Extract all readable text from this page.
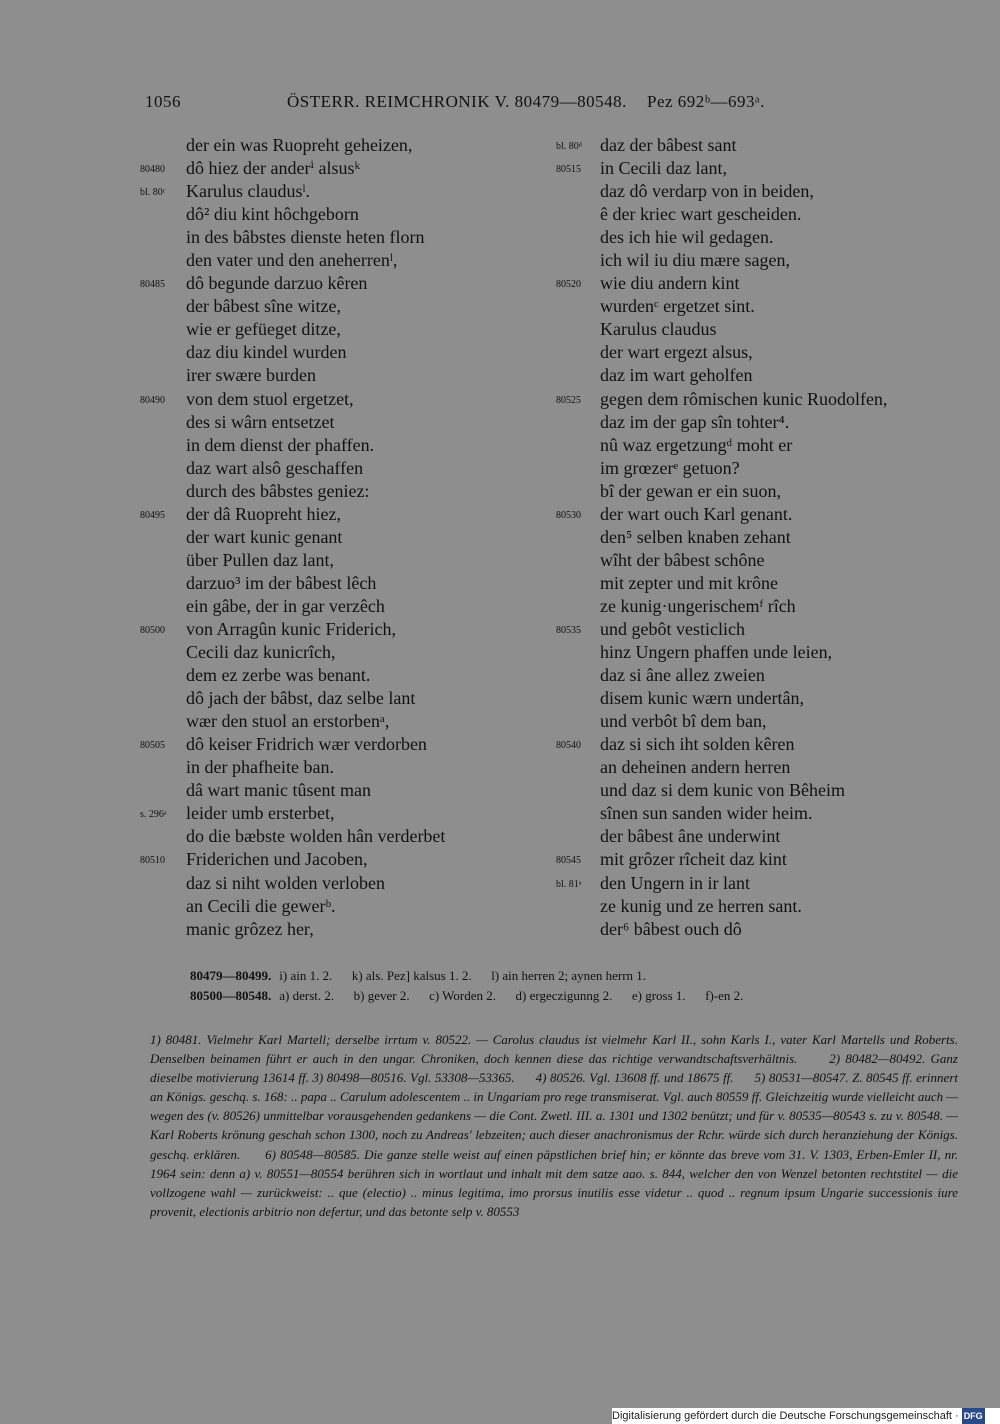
1056	ÖSTERR. REIMCHRONIK V. 80479—80548. Pez 692ᵇ—693ᵃ.
der ein was Ruopreht geheizen,
80480	dô hiez der anderⁱ alsusᵏ
bl. 80ᶜ	Karulus claudusˡ.
dô² diu kint hôchgeborn
in des bâbstes dienste heten florn
den vater und den aneherrenˡ,
80485	dô begunde darzuo kêren
der bâbest sîne witze,
wie er gefüeget ditze,
daz diu kindel wurden
irer swære burden
80490	von dem stuol ergetzet,
des si wârn entsetzet
in dem dienst der phaffen.
daz wart alsô geschaffen
durch des bâbstes geniez:
80495	der dâ Ruopreht hiez,
der wart kunic genant
über Pullen daz lant,
darzuo³ im der bâbest lêch
ein gâbe, der in gar verzêch
80500	von Arragûn kunic Friderich,
Cecili daz kunicrîch,
dem ez zerbe was benant.
dô jach der bâbst, daz selbe lant
wær den stuol an erstorbenᵃ,
80505	dô keiser Fridrich wær verdorben
in der phafheite ban.
dâ wart manic tûsent man
s. 296ᵃ	leider umb ersterbet,
do die bæbste wolden hân verderbet
80510	Friderichen und Jacoben,
daz si niht wolden verloben
an Cecili die gewerᵇ.
manic grôzez her,
bl. 80ᵈ	daz der bâbest sant
80515	in Cecili daz lant,
daz dô verdarp von in beiden,
ê der kriec wart gescheiden.
des ich hie wil gedagen.
ich wil iu diu mære sagen,
80520	wie diu andern kint
wurdenᶜ ergetzet sint.
Karulus claudus
der wart ergezt alsus,
daz im wart geholfen
80525	gegen dem rômischen kunic Ruodolfen,
daz im der gap sîn tohter⁴.
nû waz ergetzungᵈ moht er
im grœzerᵉ getuon?
bî der gewan er ein suon,
80530	der wart ouch Karl genant.
den⁵ selben knaben zehant
wîht der bâbest schône
mit zepter und mit krône
ze kunig·ungerischemᶠ rîch
80535	und gebôt vesticlich
hinz Ungern phaffen unde leien,
daz si âne allez zweien
disem kunic wærn undertân,
und verbôt bî dem ban,
80540	daz si sich iht solden kêren
an deheinen andern herren
und daz si dem kunic von Bêheim
sînen sun sanden wider heim.
der bâbest âne underwint
80545	mit grôzer rîcheit daz kint
bl. 81ᵃ	den Ungern in ir lant
ze kunig und ze herren sant.
der⁶ bâbest ouch dô
80479—80499. i) ain 1. 2.      k) als. Pez] kalsus 1. 2.      l) ain herren 2; aynen herrn 1.
80500—80548. a) derst. 2.      b) gever 2.      c) Worden 2.      d) ergeczigunng 2.      e) gross 1.      f)-en 2.
1) 80481. Vielmehr Karl Martell; derselbe irrtum v. 80522. — Carolus claudus ist vielmehr Karl II., sohn Karls I., vater Karl Martells und Roberts. Denselben beinamen führt er auch in den ungar. Chroniken, doch kennen diese das richtige verwandtschaftsverhältnis.      2) 80482—80492. Ganz dieselbe motivierung 13614 ff. 3) 80498—80516. Vgl. 53308—53365.      4) 80526. Vgl. 13608 ff. und 18675 ff.      5) 80531—80547. Z. 80545 ff. erinnert an Königs. geschq. s. 168: .. papa .. Carulum adolescentem .. in Ungariam pro rege transmiserat. Vgl. auch 80559 ff. Gleichzeitig wurde vielleicht auch — wegen des (v. 80526) unmittelbar vorausgehenden gedankens — die Cont. Zwetl. III. a. 1301 und 1302 benützt; und für v. 80535—80543 s. zu v. 80548. — Karl Roberts krönung geschah schon 1300, noch zu Andreas' lebzeiten; auch dieser anachronismus der Rchr. würde sich durch heranziehung der Königs. geschq. erklären.      6) 80548—80585. Die ganze stelle weist auf einen päpstlichen brief hin; er könnte das breve vom 31. V. 1303, Erben-Emler II, nr. 1964 sein: denn a) v. 80551—80554 berühren sich in wortlaut und inhalt mit dem satze aao. s. 844, welcher den von Wenzel betonten rechtstitel — die vollzogene wahl — zurückweist: .. que (electio) .. minus legitima, imo prorsus inutilis esse videtur .. quod .. regnum ipsum Ungarie successionis iure provenit, electionis arbitrio non defertur, und das betonte selp v. 80553
Digitalisierung gefördert durch die Deutsche Forschungsgemeinschaft · DFG
